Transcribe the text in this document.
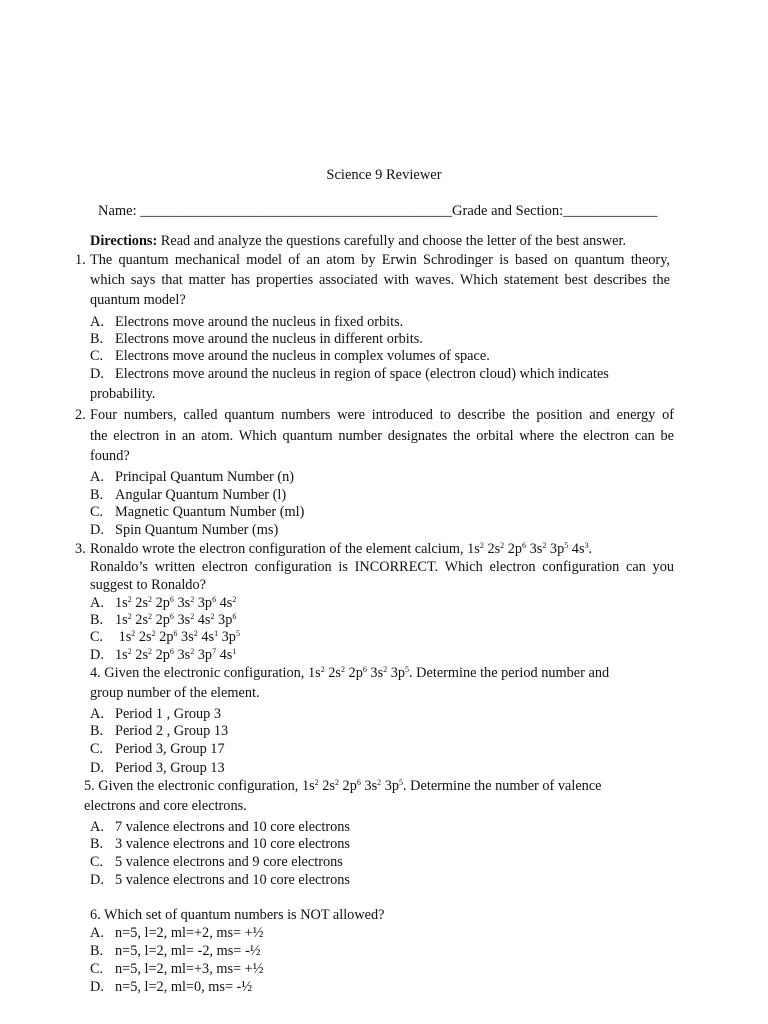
Science 9 Reviewer
Name: ___________________________________________Grade and Section:_____________
Directions: Read and analyze the questions carefully and choose the letter of the best answer.
1. The quantum mechanical model of an atom by Erwin Schrodinger is based on quantum theory,
which says that matter has properties associated with waves. Which statement best describes the
quantum model?
A. Electrons move around the nucleus in fixed orbits.
B. Electrons move around the nucleus in different orbits.
C. Electrons move around the nucleus in complex volumes of space.
D. Electrons move around the nucleus in region of space (electron cloud) which indicates
probability.
2. Four numbers, called quantum numbers were introduced to describe the position and energy of
the electron in an atom. Which quantum number designates the orbital where the electron can be
found?
A. Principal Quantum Number (n)
B. Angular Quantum Number (l)
C. Magnetic Quantum Number (ml)
D. Spin Quantum Number (ms)
3. Ronaldo wrote the electron configuration of the element calcium, $1s^2$ $2s^2$ $2p^6$ $3s^2$ $3p^5$ $4s^3$.
Ronaldo’s written electron configuration is INCORRECT. Which electron configuration can you
suggest to Ronaldo?
A. $1s^2$ $2s^2$ $2p^6$ $3s^2$ $3p^6$ $4s^2$
B. $1s^2$ $2s^2$ $2p^6$ $3s^2$ $4s^2$ $3p^6$
C. $1s^2$ $2s^2$ $2p^6$ $3s^2$ $4s^1$ $3p^5$
D. $1s^2$ $2s^2$ $2p^6$ $3s^2$ $3p^7$ $4s^1$
4. Given the electronic configuration, $1s^2$ $2s^2$ $2p^6$ $3s^2$ $3p^5$. Determine the period number and
group number of the element.
A. Period 1 , Group 3
B. Period 2 , Group 13
C. Period 3, Group 17
D. Period 3, Group 13
5. Given the electronic configuration, $1s^2$ $2s^2$ $2p^6$ $3s^2$ $3p^5$. Determine the number of valence
electrons and core electrons.
A. 7 valence electrons and 10 core electrons
B. 3 valence electrons and 10 core electrons
C. 5 valence electrons and 9 core electrons
D. 5 valence electrons and 10 core electrons
6. Which set of quantum numbers is NOT allowed?
A. n=5, l=2, ml=+2, ms= +½
B. n=5, l=2, ml= -2, ms= -½
C. n=5, l=2, ml=+3, ms= +½
D. n=5, l=2, ml=0, ms= -½
